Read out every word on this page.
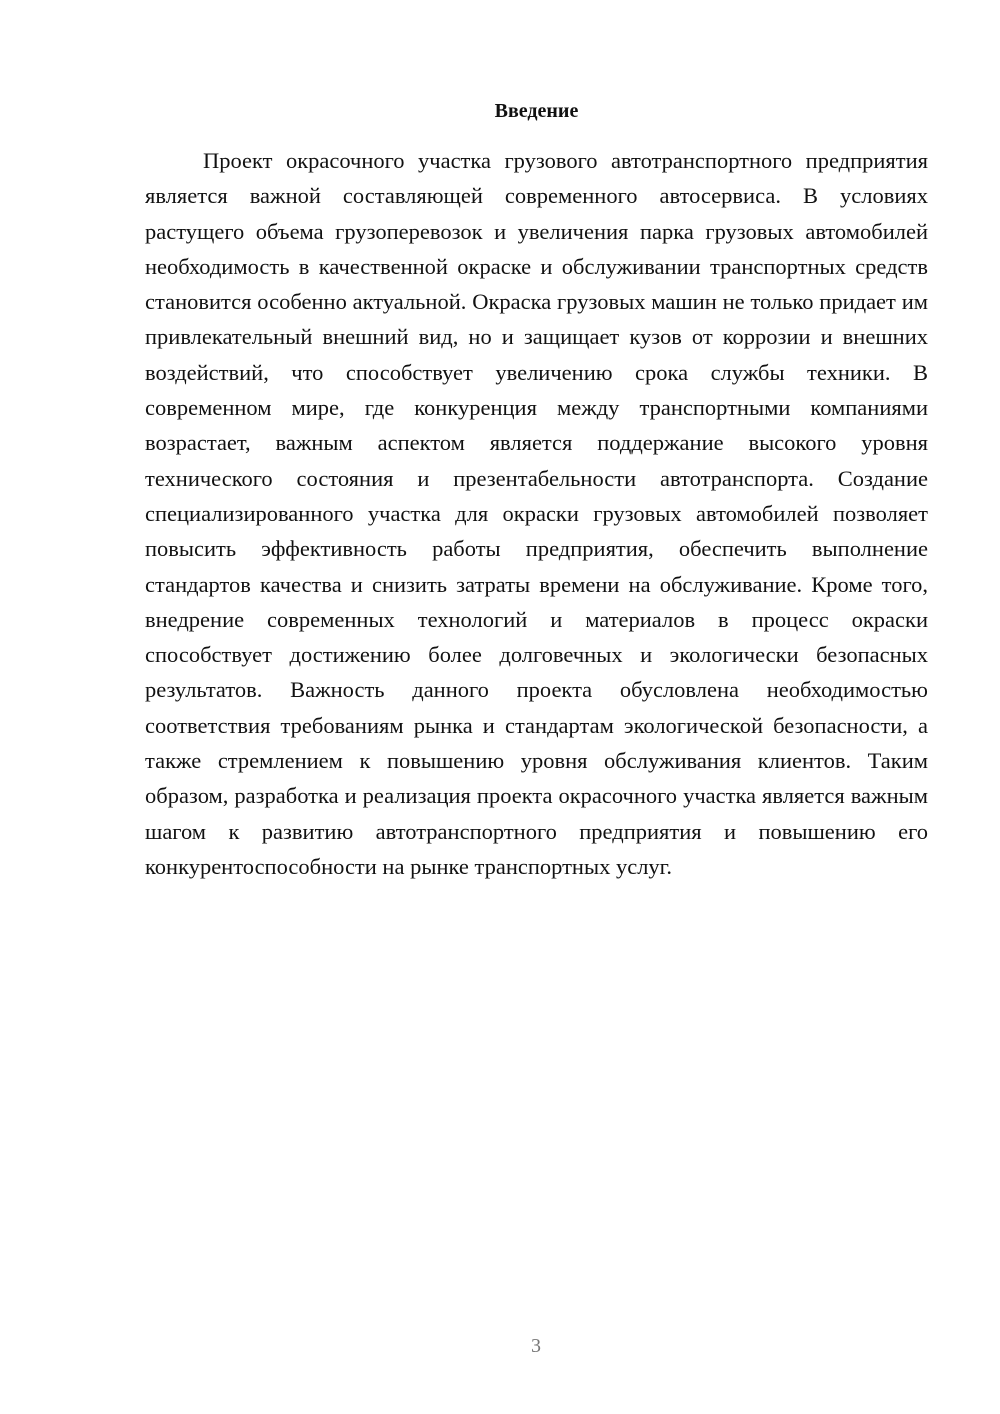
Введение

Проект окрасочного участка грузового автотранспортного предприятия является важной составляющей современного автосервиса. В условиях растущего объема грузоперевозок и увеличения парка грузовых автомобилей необходимость в качественной окраске и обслуживании транспортных средств становится особенно актуальной. Окраска грузовых машин не только придает им привлекательный внешний вид, но и защищает кузов от коррозии и внешних воздействий, что способствует увеличению срока службы техники. В современном мире, где конкуренция между транспортными компаниями возрастает, важным аспектом является поддержание высокого уровня технического состояния и презентабельности автотранспорта. Создание специализированного участка для окраски грузовых автомобилей позволяет повысить эффективность работы предприятия, обеспечить выполнение стандартов качества и снизить затраты времени на обслуживание. Кроме того, внедрение современных технологий и материалов в процесс окраски способствует достижению более долговечных и экологически безопасных результатов. Важность данного проекта обусловлена необходимостью соответствия требованиям рынка и стандартам экологической безопасности, а также стремлением к повышению уровня обслуживания клиентов. Таким образом, разработка и реализация проекта окрасочного участка является важным шагом к развитию автотранспортного предприятия и повышению его конкурентоспособности на рынке транспортных услуг.

3
